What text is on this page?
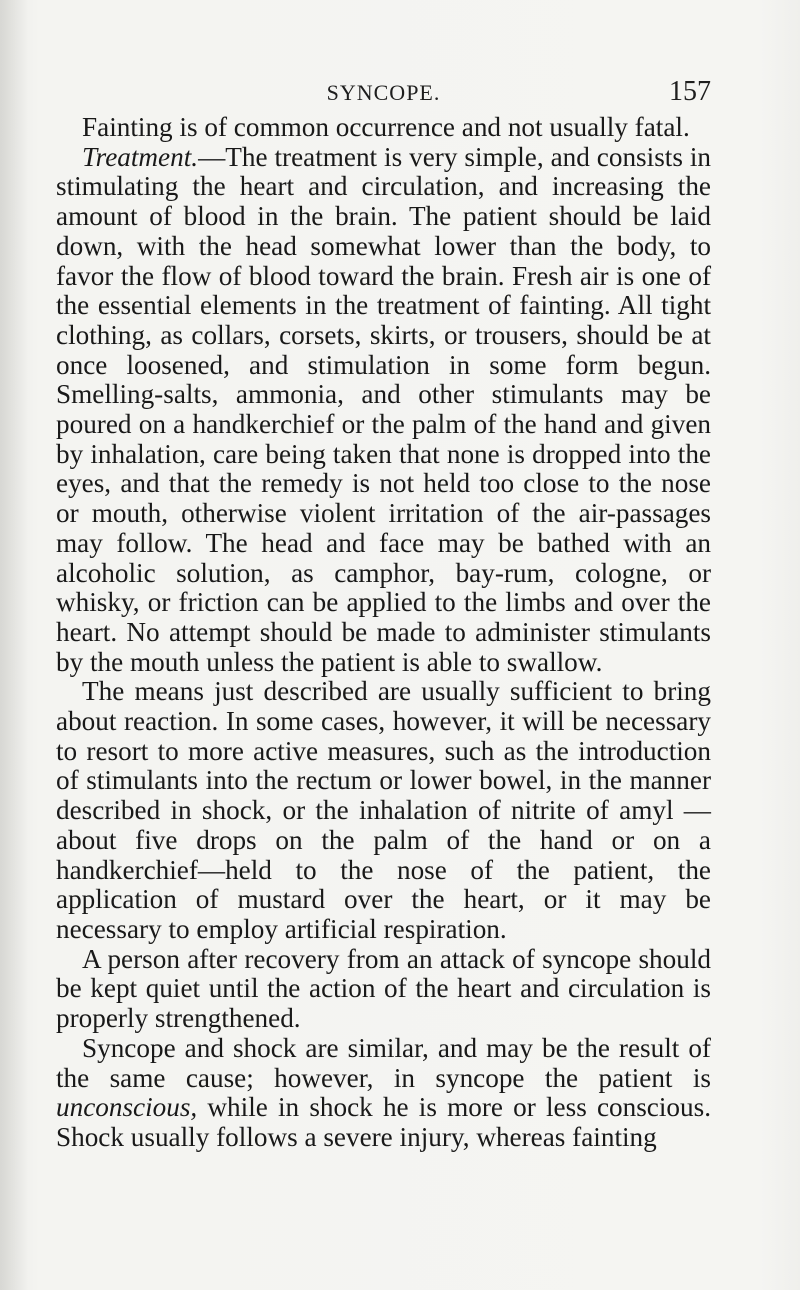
SYNCOPE.	157

Fainting is of common occurrence and not usually fatal.

Treatment.—The treatment is very simple, and consists in stimulating the heart and circulation, and increasing the amount of blood in the brain. The patient should be laid down, with the head somewhat lower than the body, to favor the flow of blood toward the brain. Fresh air is one of the essential elements in the treatment of fainting. All tight clothing, as collars, corsets, skirts, or trousers, should be at once loosened, and stimulation in some form begun. Smelling-salts, ammonia, and other stimulants may be poured on a handkerchief or the palm of the hand and given by inhalation, care being taken that none is dropped into the eyes, and that the remedy is not held too close to the nose or mouth, otherwise violent irritation of the air-passages may follow. The head and face may be bathed with an alcoholic solution, as camphor, bay-rum, cologne, or whisky, or friction can be applied to the limbs and over the heart. No attempt should be made to administer stimulants by the mouth unless the patient is able to swallow.

The means just described are usually sufficient to bring about reaction. In some cases, however, it will be necessary to resort to more active measures, such as the introduction of stimulants into the rectum or lower bowel, in the manner described in shock, or the inhalation of nitrite of amyl —about five drops on the palm of the hand or on a handkerchief—held to the nose of the patient, the application of mustard over the heart, or it may be necessary to employ artificial respiration.

A person after recovery from an attack of syncope should be kept quiet until the action of the heart and circulation is properly strengthened.

Syncope and shock are similar, and may be the result of the same cause; however, in syncope the patient is unconscious, while in shock he is more or less conscious. Shock usually follows a severe injury, whereas fainting
